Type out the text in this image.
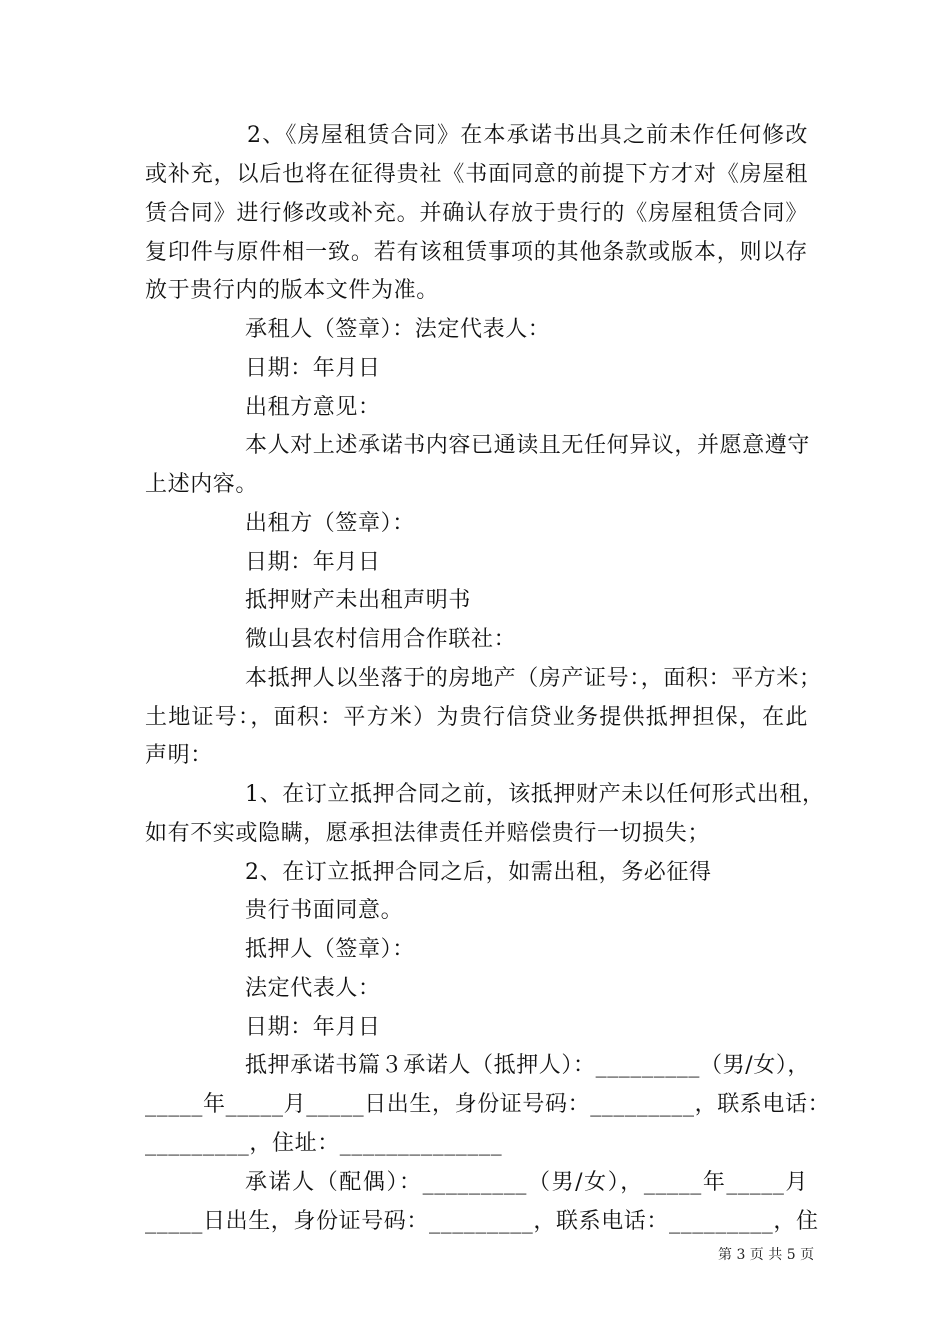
2、《房屋租赁合同》在本承诺书出具之前未作任何修改
或补充，以后也将在征得贵社《书面同意的前提下方才对《房屋租
赁合同》进行修改或补充。并确认存放于贵行的《房屋租赁合同》
复印件与原件相一致。若有该租赁事项的其他条款或版本，则以存
放于贵行内的版本文件为准。
承租人（签章）：法定代表人：
日期：年月日
出租方意见：
本人对上述承诺书内容已通读且无任何异议，并愿意遵守
上述内容。
出租方（签章）：
日期：年月日
抵押财产未出租声明书
微山县农村信用合作联社：
本抵押人以坐落于的房地产（房产证号：，面积：平方米；
土地证号：，面积：平方米）为贵行信贷业务提供抵押担保，在此
声明：
1、在订立抵押合同之前，该抵押财产未以任何形式出租，
如有不实或隐瞒，愿承担法律责任并赔偿贵行一切损失；
2、在订立抵押合同之后，如需出租，务必征得
贵行书面同意。
抵押人（签章）：
法定代表人：
日期：年月日
抵押承诺书篇３承诺人（抵押人）：_________（男/女），
_____年_____月_____日出生，身份证号码：_________，联系电话：
_________，住址：______________
承诺人（配偶）：_________（男/女），_____年_____月
_____日出生，身份证号码：_________，联系电话：_________，住
第 3 页 共 5 页
